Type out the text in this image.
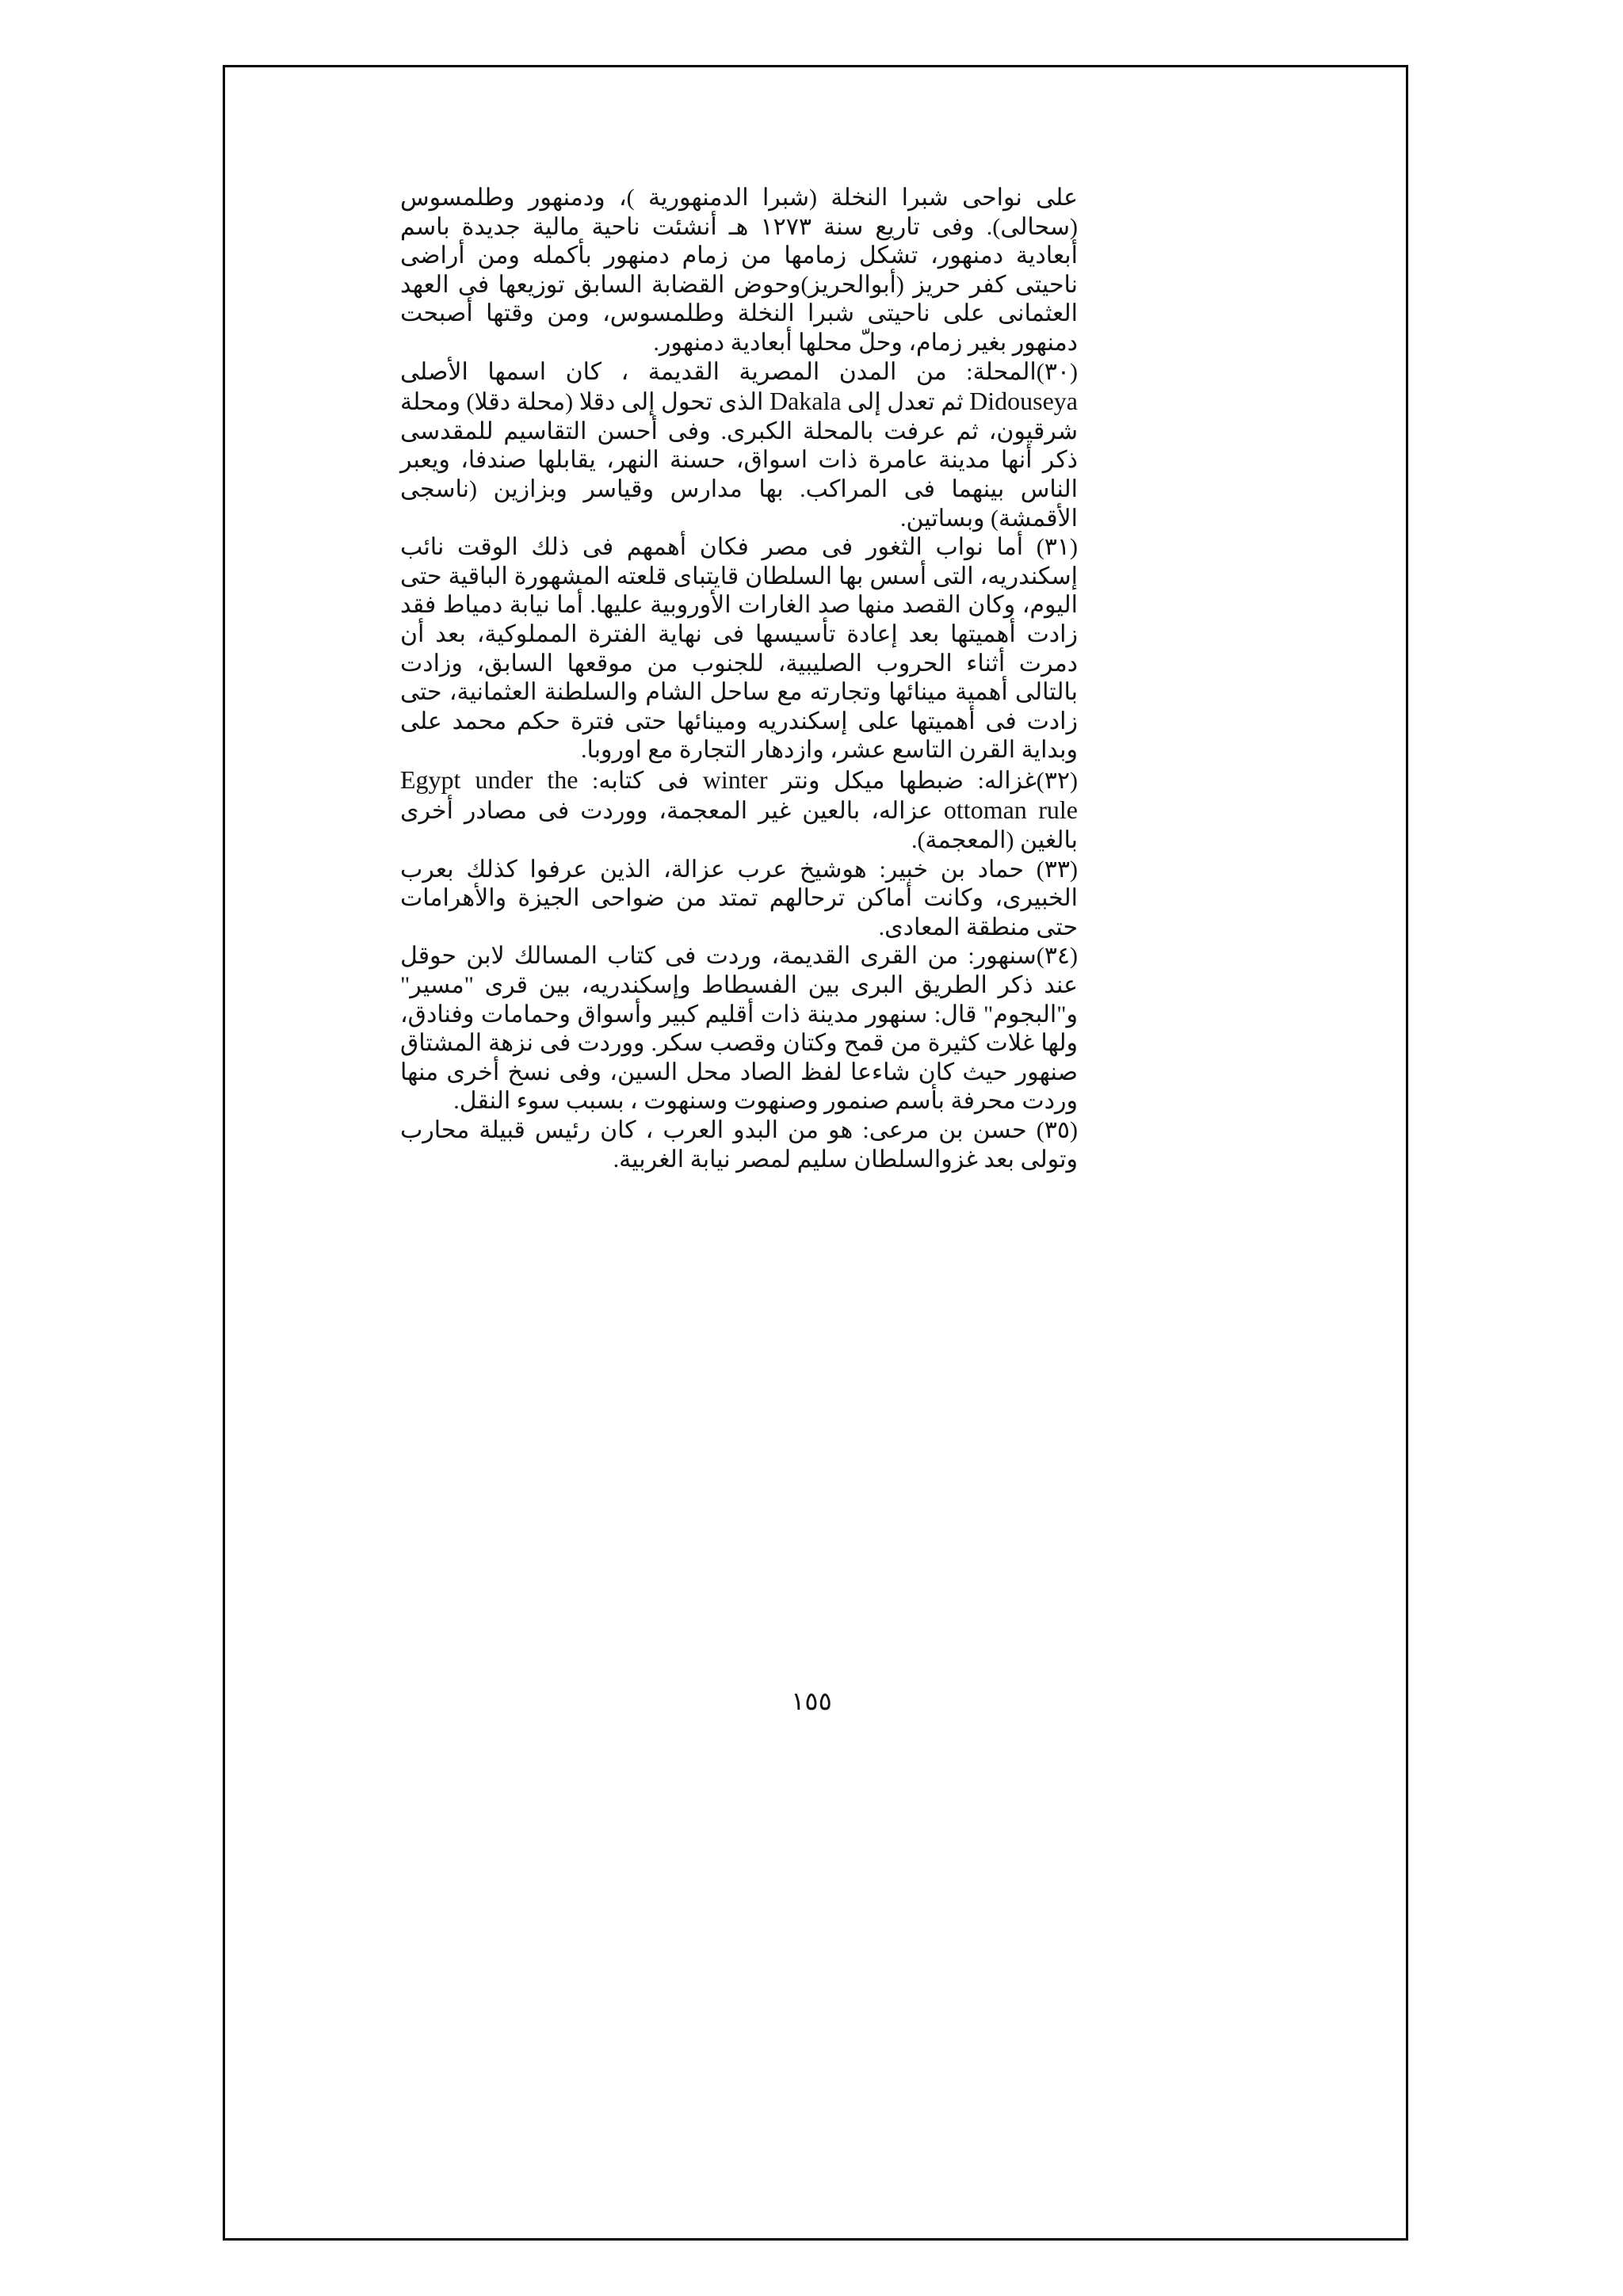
على نواحى شبرا النخلة (شبرا الدمنهورية )، ودمنهور وطلمسوس (سحالى). وفى تاريع سنة ١٢٧٣ هـ أنشئت ناحية مالية جديدة باسم أبعادية دمنهور، تشكل زمامها من زمام دمنهور بأكمله ومن أراضى ناحيتى كفر حريز (أبوالحريز)وحوض القضابة السابق توزيعها فى العهد العثمانى على ناحيتى شبرا النخلة وطلمسوس، ومن وقتها أصبحت دمنهور بغير زمام، وحلّ محلها أبعادية دمنهور.

(٣٠)المحلة: من المدن المصرية القديمة ، كان اسمها الأصلى Didouseya ثم تعدل إلى Dakala الذى تحول إلى دقلا (محلة دقلا) ومحلة شرقيون، ثم عرفت بالمحلة الكبرى. وفى أحسن التقاسيم للمقدسى ذكر أنها مدينة عامرة ذات اسواق، حسنة النهر، يقابلها صندفا، ويعبر الناس بينهما فى المراكب. بها مدارس وقياسر وبزازين (ناسجى الأقمشة) وبساتين.

(٣١) أما نواب الثغور فى مصر فكان أهمهم فى ذلك الوقت نائب إسكندريه، التى أسس بها السلطان قايتباى قلعته المشهورة الباقية حتى اليوم، وكان القصد منها صد الغارات الأوروبية عليها. أما نيابة دمياط فقد زادت أهميتها بعد إعادة تأسيسها فى نهاية الفترة المملوكية، بعد أن دمرت أثناء الحروب الصليبية، للجنوب من موقعها السابق، وزادت بالتالى أهمية مينائها وتجارته مع ساحل الشام والسلطنة العثمانية، حتى زادت فى أهميتها على إسكندريه ومينائها حتى فترة حكم محمد على وبداية القرن التاسع عشر، وازدهار التجارة مع اوروبا.

(٣٢)غزاله: ضبطها ميكل ونتر winter فى كتابه: Egypt under the ottoman rule عزاله، بالعين غير المعجمة، ووردت فى مصادر أخرى بالغين (المعجمة).

(٣٣) حماد بن خبير: هوشيخ عرب عزالة، الذين عرفوا كذلك بعرب الخبيرى، وكانت أماكن ترحالهم تمتد من ضواحى الجيزة والأهرامات حتى منطقة المعادى.

(٣٤)سنهور: من القرى القديمة، وردت فى كتاب المسالك لابن حوقل عند ذكر الطريق البرى بين الفسطاط وإسكندريه، بين قرى "مسير" و"البجوم" قال: سنهور مدينة ذات أقليم كبير وأسواق وحمامات وفنادق، ولها غلات كثيرة من قمح وكتان وقصب سكر. ووردت فى نزهة المشتاق صنهور حيث كان شاءعا لفظ الصاد محل السين، وفى نسخ أخرى منها وردت محرفة بأسم صنمور وصنهوت وسنهوت ، بسبب سوء النقل.

(٣٥) حسن بن مرعى: هو من البدو العرب ، كان رئيس قبيلة محارب وتولى بعد غزوالسلطان سليم لمصر نيابة الغربية.

١٥٥
